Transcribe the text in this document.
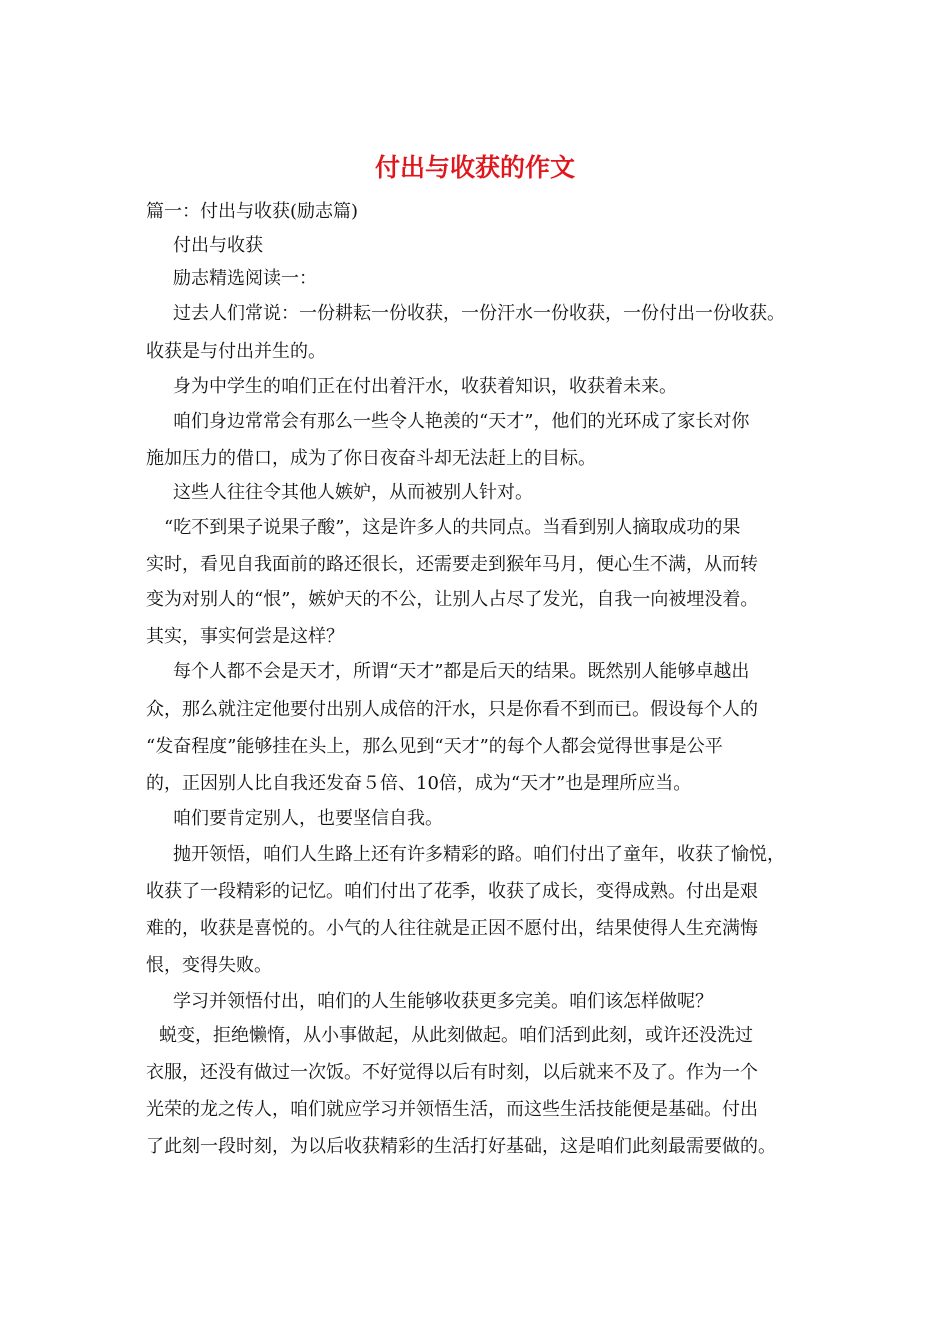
付出与收获的作文
篇一：付出与收获(励志篇)
付出与收获
励志精选阅读一：
过去人们常说：一份耕耘一份收获，一份汗水一份收获，一份付出一份收获。
收获是与付出并生的。
身为中学生的咱们正在付出着汗水，收获着知识，收获着未来。
咱们身边常常会有那么一些令人艳羡的“天才”，他们的光环成了家长对你
施加压力的借口，成为了你日夜奋斗却无法赶上的目标。
这些人往往令其他人嫉妒，从而被别人针对。
“吃不到果子说果子酸”，这是许多人的共同点。当看到别人摘取成功的果
实时，看见自我面前的路还很长，还需要走到猴年马月，便心生不满，从而转
变为对别人的“恨”，嫉妒天的不公，让别人占尽了发光，自我一向被埋没着。
其实，事实何尝是这样？
每个人都不会是天才，所谓“天才”都是后天的结果。既然别人能够卓越出
众，那么就注定他要付出别人成倍的汗水，只是你看不到而已。假设每个人的
“发奋程度”能够挂在头上，那么见到“天才”的每个人都会觉得世事是公平
的，正因别人比自我还发奋５倍、10倍，成为“天才”也是理所应当。
咱们要肯定别人，也要坚信自我。
抛开领悟，咱们人生路上还有许多精彩的路。咱们付出了童年，收获了愉悦，
收获了一段精彩的记忆。咱们付出了花季，收获了成长，变得成熟。付出是艰
难的，收获是喜悦的。小气的人往往就是正因不愿付出，结果使得人生充满悔
恨，变得失败。
学习并领悟付出，咱们的人生能够收获更多完美。咱们该怎样做呢？
蜕变，拒绝懒惰，从小事做起，从此刻做起。咱们活到此刻，或许还没洗过
衣服，还没有做过一次饭。不好觉得以后有时刻，以后就来不及了。作为一个
光荣的龙之传人，咱们就应学习并领悟生活，而这些生活技能便是基础。付出
了此刻一段时刻，为以后收获精彩的生活打好基础，这是咱们此刻最需要做的。
